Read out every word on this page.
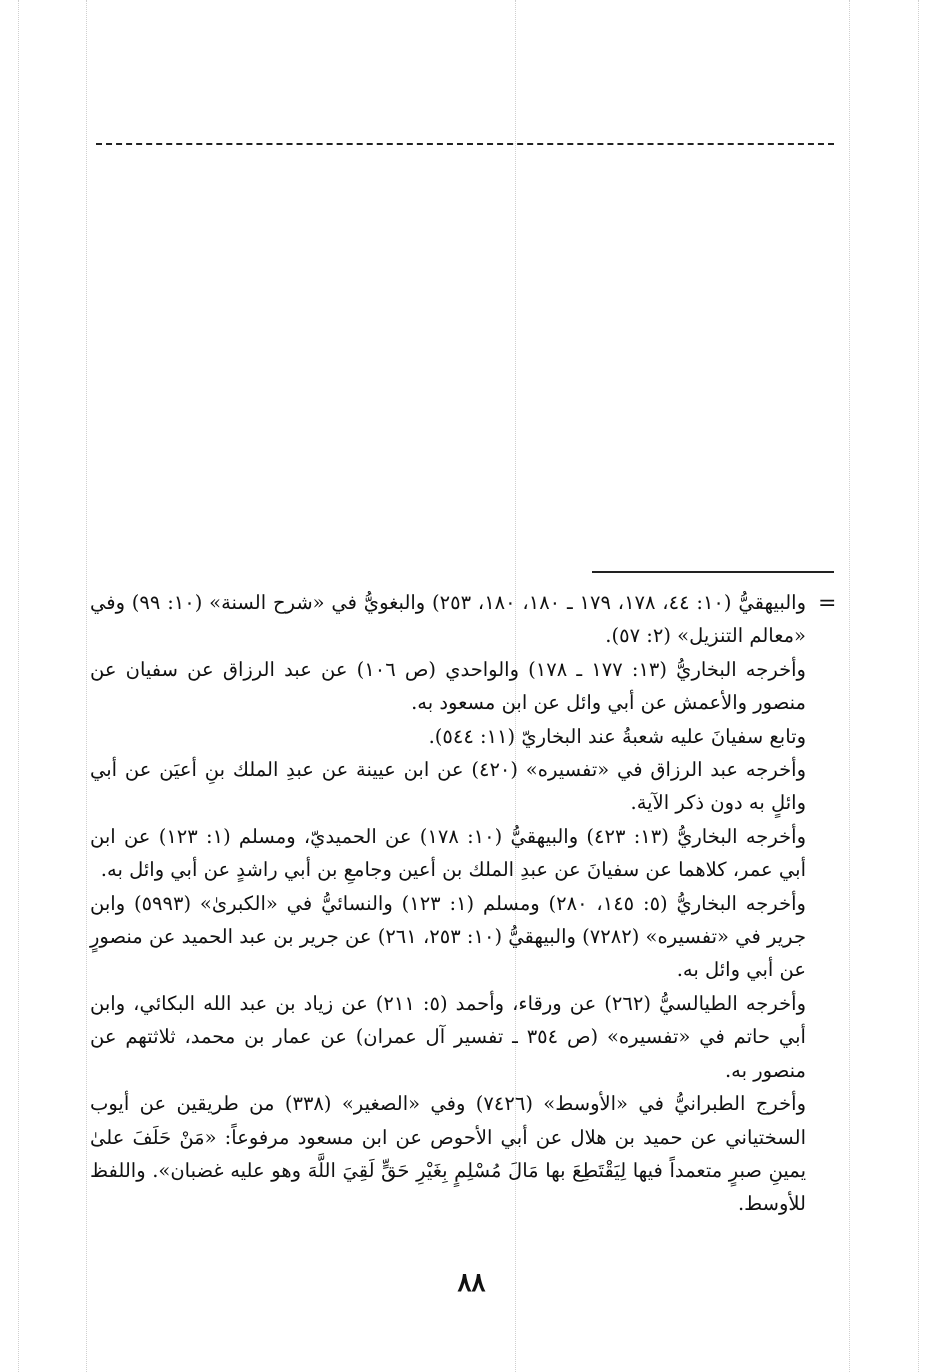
=

والبيهقيُّ (١٠: ٤٤، ١٧٨، ١٧٩ ـ ١٨٠، ١٨٠، ٢٥٣) والبغويُّ في «شرح السنة» (١٠: ٩٩) وفي «معالم التنزيل» (٢: ٥٧).

وأخرجه البخاريُّ (١٣: ١٧٧ ـ ١٧٨) والواحدي (ص ١٠٦) عن عبد الرزاق عن سفيان عن منصور والأعمش عن أبي وائل عن ابن مسعود به.

وتابع سفيانَ عليه شعبةُ عند البخاريّ (١١: ٥٤٤).

وأخرجه عبد الرزاق في «تفسيره» (٤٢٠) عن ابن عيينة عن عبدِ الملك بنِ أعيَن عن أبي وائلٍ به دون ذكر الآية.

وأخرجه البخاريُّ (١٣: ٤٢٣) والبيهقيُّ (١٠: ١٧٨) عن الحميديّ، ومسلم (١: ١٢٣) عن ابن أبي عمر، كلاهما عن سفيانَ عن عبدِ الملك بن أعين وجامعِ بن أبي راشدٍ عن أبي وائل به.

وأخرجه البخاريُّ (٥: ١٤٥، ٢٨٠) ومسلم (١: ١٢٣) والنسائيُّ في «الكبرىٰ» (٥٩٩٣) وابن جرير في «تفسيره» (٧٢٨٢) والبيهقيُّ (١٠: ٢٥٣، ٢٦١) عن جرير بن عبد الحميد عن منصورٍ عن أبي وائل به.

وأخرجه الطيالسيُّ (٢٦٢) عن ورقاء، وأحمد (٥: ٢١١) عن زياد بن عبد الله البكائي، وابن أبي حاتم في «تفسيره» (ص ٣٥٤ ـ تفسير آل عمران) عن عمار بن محمد، ثلاثتهم عن منصور به.

وأخرج الطبرانيُّ في «الأوسط» (٧٤٢٦) وفي «الصغير» (٣٣٨) من طريقين عن أيوب السختياني عن حميد بن هلال عن أبي الأحوص عن ابن مسعود مرفوعاً: «مَنْ حَلَفَ علىٰ يمينِ صبرٍ متعمداً فيها لِيَقْتَطِعَ بها مَالَ مُسْلِمٍ بِغَيْرِ حَقٍّ لَقِيَ اللَّهَ وهو عليه غضبان». واللفظ للأوسط.

٨٨
